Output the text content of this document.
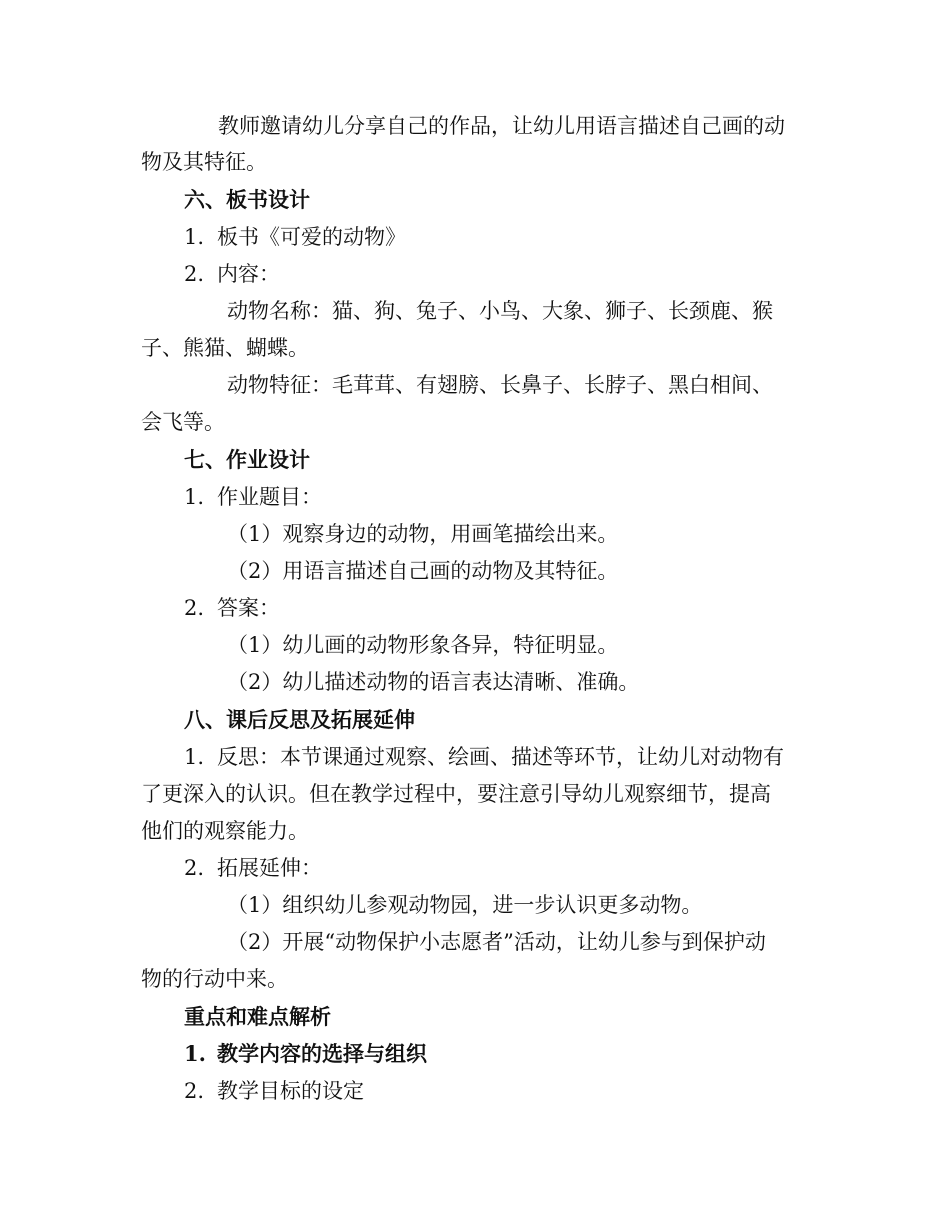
教师邀请幼儿分享自己的作品，让幼儿用语言描述自己画的动
物及其特征。
六、板书设计
1. 板书《可爱的动物》
2. 内容：
动物名称：猫、狗、兔子、小鸟、大象、狮子、长颈鹿、猴
子、熊猫、蝴蝶。
动物特征：毛茸茸、有翅膀、长鼻子、长脖子、黑白相间、
会飞等。
七、作业设计
1. 作业题目：
（1）观察身边的动物，用画笔描绘出来。
（2）用语言描述自己画的动物及其特征。
2. 答案：
（1）幼儿画的动物形象各异，特征明显。
（2）幼儿描述动物的语言表达清晰、准确。
八、课后反思及拓展延伸
1. 反思：本节课通过观察、绘画、描述等环节，让幼儿对动物有
了更深入的认识。但在教学过程中，要注意引导幼儿观察细节，提高
他们的观察能力。
2. 拓展延伸：
（1）组织幼儿参观动物园，进一步认识更多动物。
（2）开展“动物保护小志愿者”活动，让幼儿参与到保护动
物的行动中来。
重点和难点解析
1. 教学内容的选择与组织
2. 教学目标的设定
